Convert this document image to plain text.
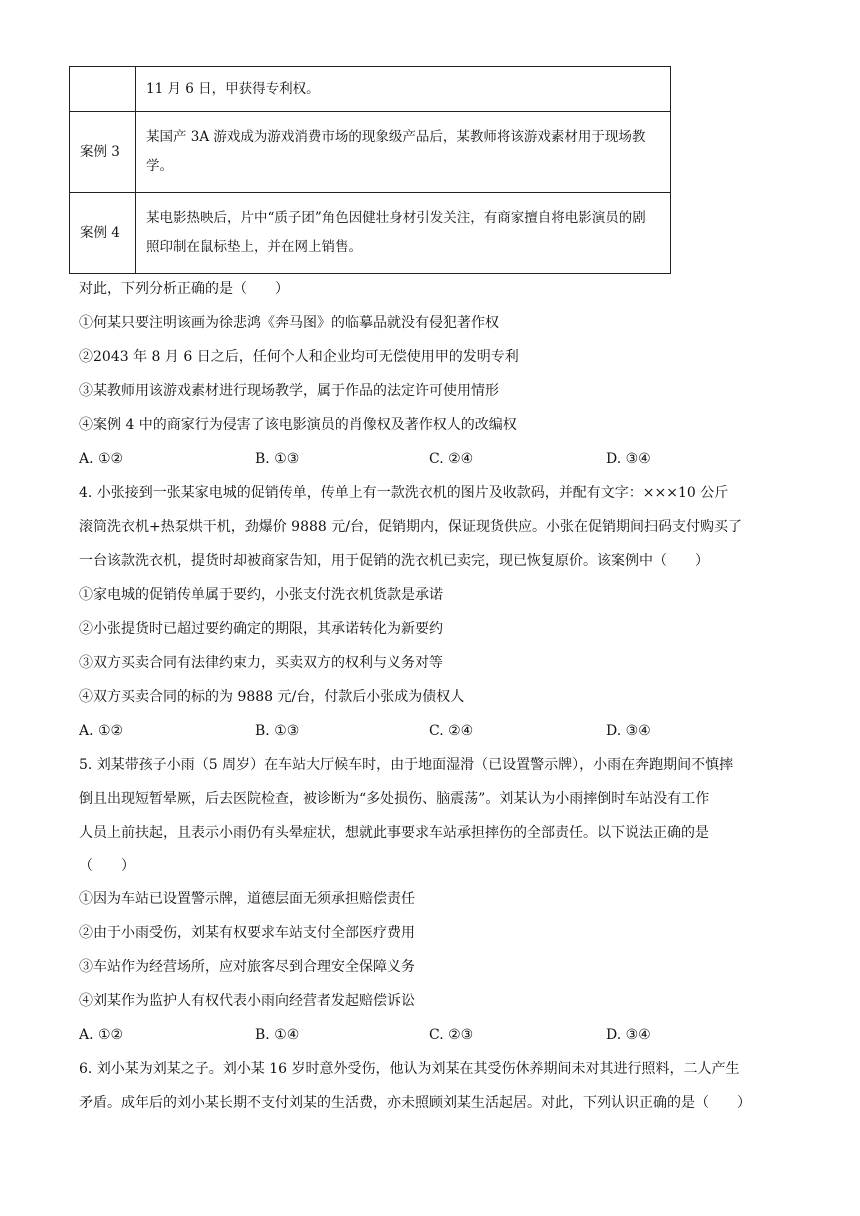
	11 月 6 日，甲获得专利权。
案例 3	某国产 3A 游戏成为游戏消费市场的现象级产品后，某教师将该游戏素材用于现场教学。
案例 4	某电影热映后，片中“质子团”角色因健壮身材引发关注，有商家擅自将电影演员的剧照印制在鼠标垫上，并在网上销售。
对此，下列分析正确的是（　　）
①何某只要注明该画为徐悲鸿《奔马图》的临摹品就没有侵犯著作权
②2043 年 8 月 6 日之后，任何个人和企业均可无偿使用甲的发明专利
③某教师用该游戏素材进行现场教学，属于作品的法定许可使用情形
④案例 4 中的商家行为侵害了该电影演员的肖像权及著作权人的改编权
A. ①②	B. ①③	C. ②④	D. ③④
4. 小张接到一张某家电城的促销传单，传单上有一款洗衣机的图片及收款码，并配有文字：×××10 公斤
滚筒洗衣机+热泵烘干机，劲爆价 9888 元/台，促销期内，保证现货供应。小张在促销期间扫码支付购买了
一台该款洗衣机，提货时却被商家告知，用于促销的洗衣机已卖完，现已恢复原价。该案例中（　　）
①家电城的促销传单属于要约，小张支付洗衣机货款是承诺
②小张提货时已超过要约确定的期限，其承诺转化为新要约
③双方买卖合同有法律约束力，买卖双方的权利与义务对等
④双方买卖合同的标的为 9888 元/台，付款后小张成为债权人
A. ①②	B. ①③	C. ②④	D. ③④
5. 刘某带孩子小雨（5 周岁）在车站大厅候车时，由于地面湿滑（已设置警示牌），小雨在奔跑期间不慎摔
倒且出现短暂晕厥，后去医院检查，被诊断为“多处损伤、脑震荡”。刘某认为小雨摔倒时车站没有工作
人员上前扶起，且表示小雨仍有头晕症状，想就此事要求车站承担摔伤的全部责任。以下说法正确的是
（　　）
①因为车站已设置警示牌，道德层面无须承担赔偿责任
②由于小雨受伤，刘某有权要求车站支付全部医疗费用
③车站作为经营场所，应对旅客尽到合理安全保障义务
④刘某作为监护人有权代表小雨向经营者发起赔偿诉讼
A. ①②	B. ①④	C. ②③	D. ③④
6. 刘小某为刘某之子。刘小某 16 岁时意外受伤，他认为刘某在其受伤休养期间未对其进行照料，二人产生
矛盾。成年后的刘小某长期不支付刘某的生活费，亦未照顾刘某生活起居。对此，下列认识正确的是（　　）
